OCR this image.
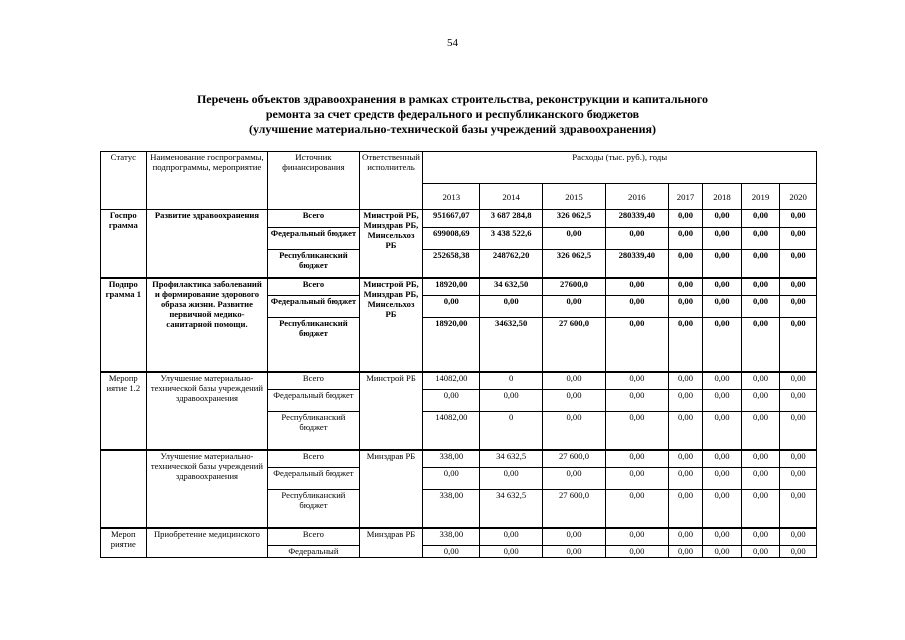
54
Перечень объектов здравоохранения в рамках строительства, реконструкции и капитального
ремонта за счет средств федерального и республиканского бюджетов
(улучшение материально-технической базы учреждений здравоохранения)
Статус	Наименование госпрограммы, подпрограммы, мероприятие	Источник финансирования	Ответственный исполнитель	Расходы (тыс. руб.), годы							
				2013	2014	2015	2016	2017	2018	2019	2020
Госпро грамма	Развитие здравоохранения	Всего	Минстрой РБ, Минздрав РБ, Минсельхоз РБ	951667,07	3 687 284,8	326 062,5	280339,40	0,00	0,00	0,00	0,00
		Федеральный бюджет		699008,69	3 438 522,6	0,00	0,00	0,00	0,00	0,00	0,00
		Республиканский бюджет		252658,38	248762,20	326 062,5	280339,40	0,00	0,00	0,00	0,00
Подпро грамма 1	Профилактика заболеваний и формирование здорового образа жизни. Развитие первичной медико-санитарной помощи.	Всего	Минстрой РБ, Минздрав РБ, Минсельхоз РБ	18920,00	34 632,50	27600,0	0,00	0,00	0,00	0,00	0,00
		Федеральный бюджет		0,00	0,00	0,00	0,00	0,00	0,00	0,00	0,00
		Республиканский бюджет		18920,00	34632,50	27 600,0	0,00	0,00	0,00	0,00	0,00
Меропр иятие 1.2	Улучшение материально-технической базы учреждений здравоохранения	Всего	Минстрой РБ	14082,00	0	0,00	0,00	0,00	0,00	0,00	0,00
		Федеральный бюджет		0,00	0,00	0,00	0,00	0,00	0,00	0,00	0,00
		Республиканский бюджет		14082,00	0	0,00	0,00	0,00	0,00	0,00	0,00
	Улучшение материально-технической базы учреждений здравоохранения	Всего	Минздрав РБ	338,00	34 632,5	27 600,0	0,00	0,00	0,00	0,00	0,00
		Федеральный бюджет		0,00	0,00	0,00	0,00	0,00	0,00	0,00	0,00
		Республиканский бюджет		338,00	34 632,5	27 600,0	0,00	0,00	0,00	0,00	0,00
Мероп риятие	Приобретение медицинского	Всего	Минздрав РБ	338,00	0,00	0,00	0,00	0,00	0,00	0,00	0,00
		Федеральный		0,00	0,00	0,00	0,00	0,00	0,00	0,00	0,00
